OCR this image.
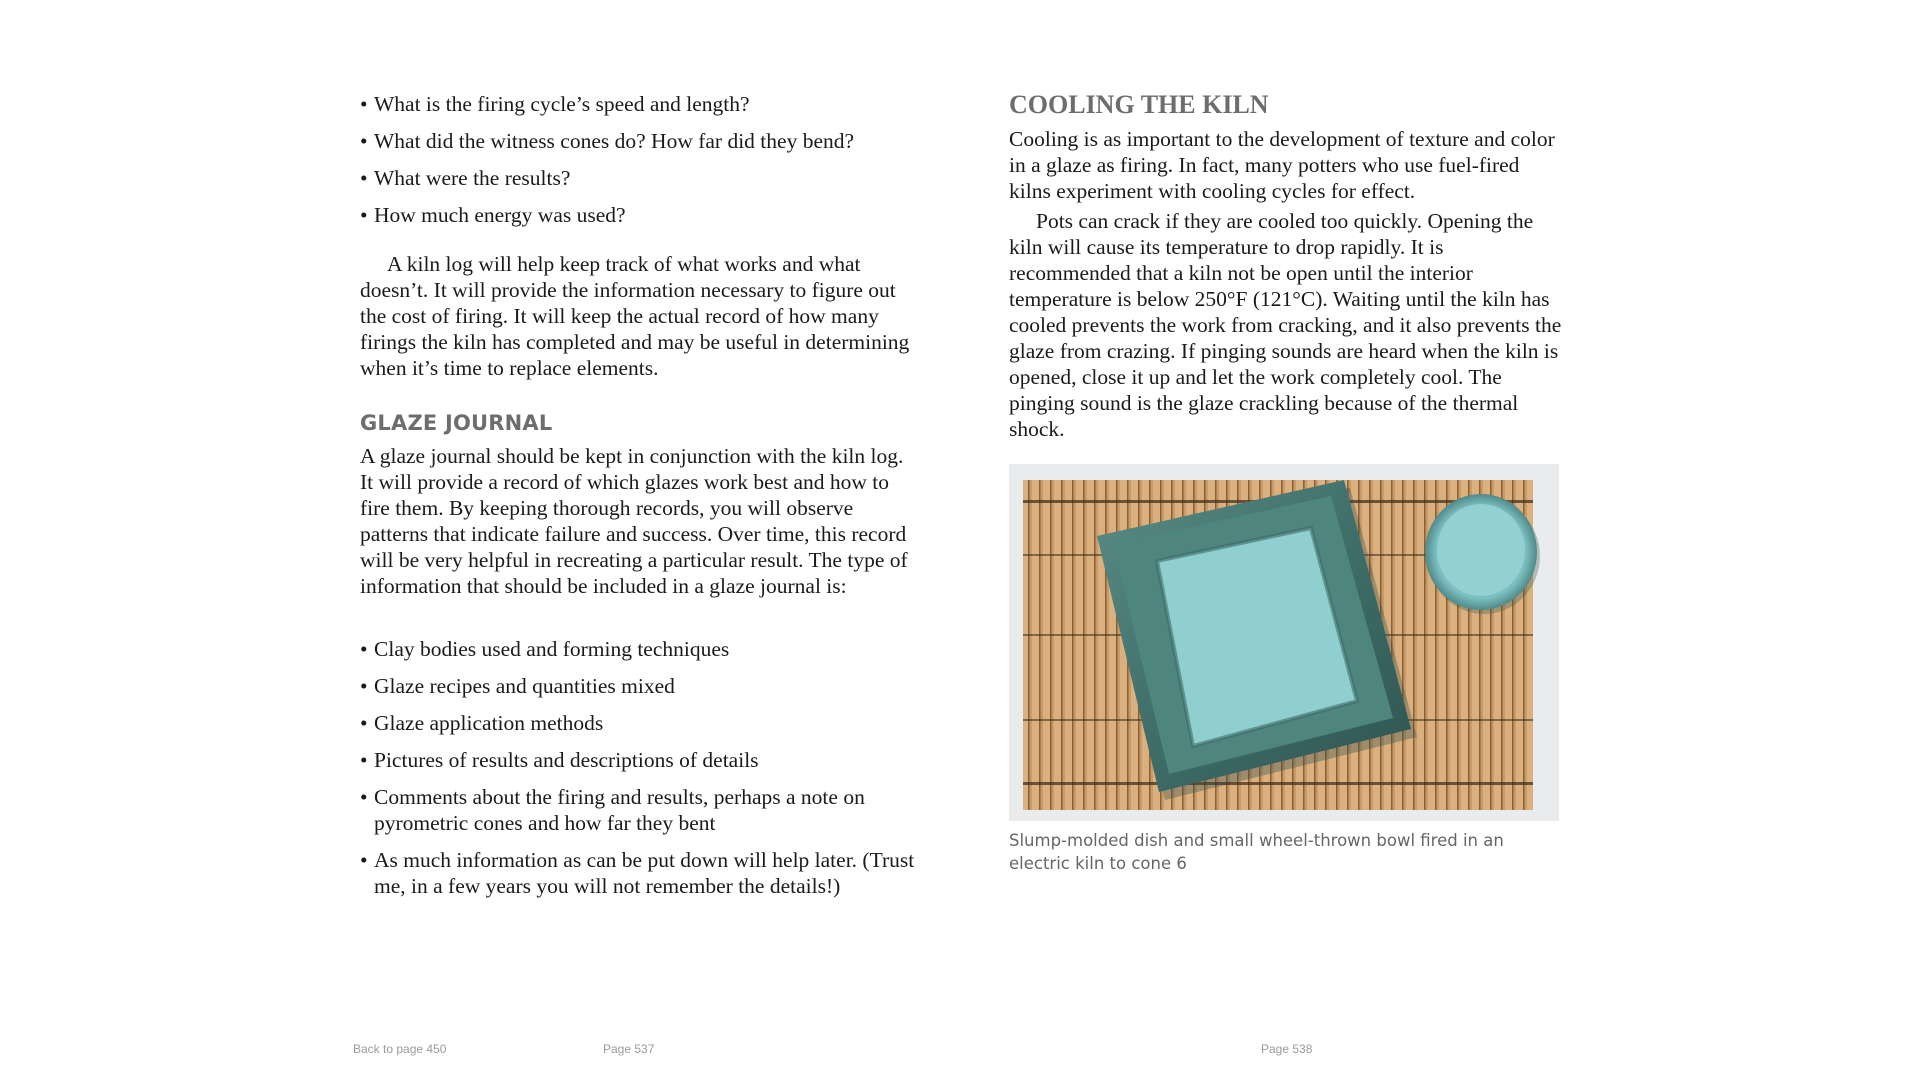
• What is the firing cycle’s speed and length?
• What did the witness cones do? How far did they bend?
• What were the results?
• How much energy was used?

A kiln log will help keep track of what works and what doesn’t. It will provide the information necessary to figure out the cost of firing. It will keep the actual record of how many firings the kiln has completed and may be useful in determining when it’s time to replace elements.

GLAZE JOURNAL

A glaze journal should be kept in conjunction with the kiln log. It will provide a record of which glazes work best and how to fire them. By keeping thorough records, you will observe patterns that indicate failure and success. Over time, this record will be very helpful in recreating a particular result. The type of information that should be included in a glaze journal is:

• Clay bodies used and forming techniques
• Glaze recipes and quantities mixed
• Glaze application methods
• Pictures of results and descriptions of details
• Comments about the firing and results, perhaps a note on pyrometric cones and how far they bent
• As much information as can be put down will help later. (Trust me, in a few years you will not remember the details!)
COOLING THE KILN

Cooling is as important to the development of texture and color in a glaze as firing. In fact, many potters who use fuel-fired kilns experiment with cooling cycles for effect.

Pots can crack if they are cooled too quickly. Opening the kiln will cause its temperature to drop rapidly. It is recommended that a kiln not be open until the interior temperature is below 250°F (121°C). Waiting until the kiln has cooled prevents the work from cracking, and it also prevents the glaze from crazing. If pinging sounds are heard when the kiln is opened, close it up and let the work completely cool. The pinging sound is the glaze crackling because of the thermal shock.

Slump-molded dish and small wheel-thrown bowl fired in an electric kiln to cone 6

Back to page 450	Page 537	Page 538
